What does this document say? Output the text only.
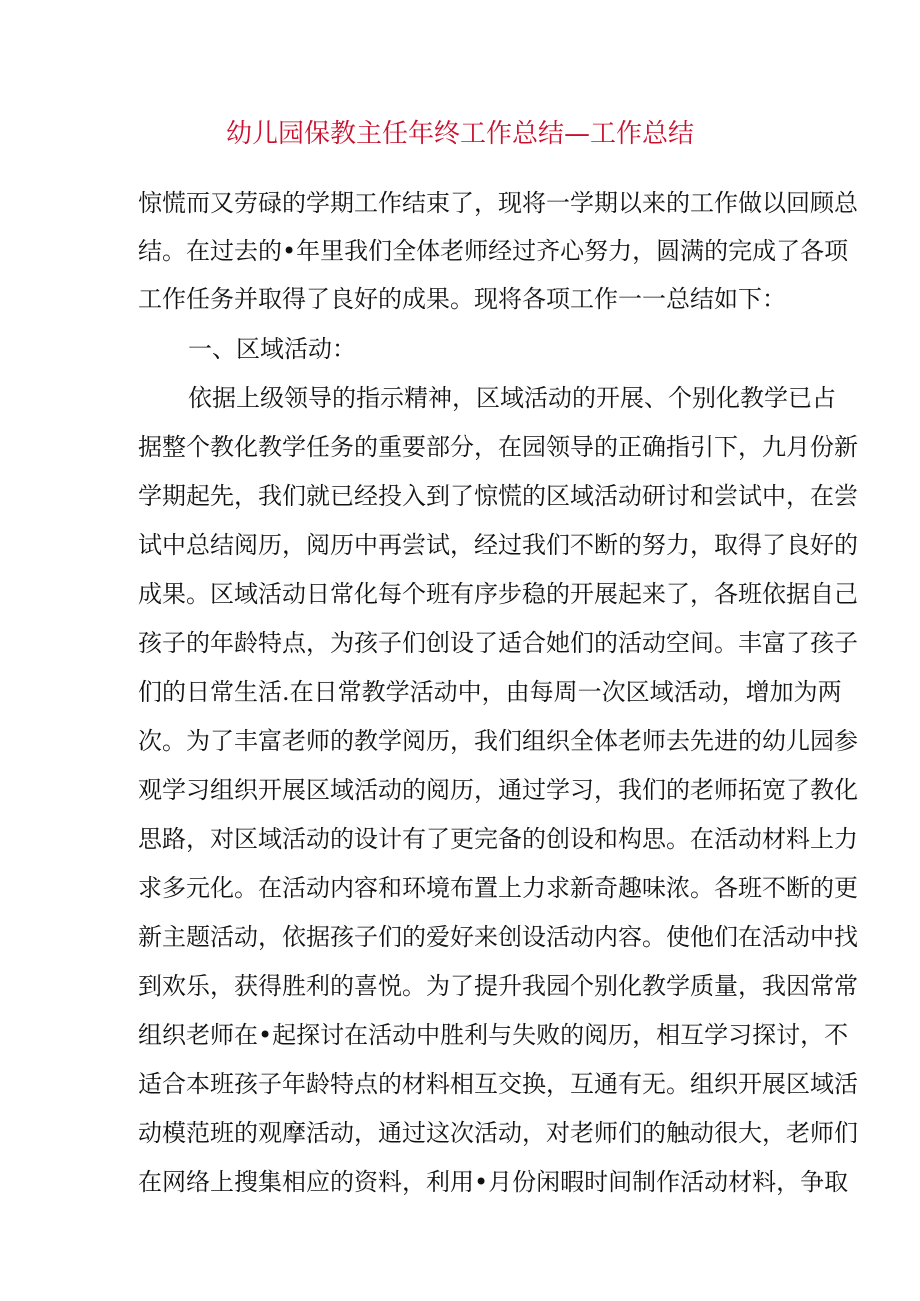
幼儿园保教主任年终工作总结—工作总结
惊慌而又劳碌的学期工作结束了，现将一学期以来的工作做以回顾总
结。在过去的•年里我们全体老师经过齐心努力，圆满的完成了各项
工作任务并取得了良好的成果。现将各项工作一一总结如下：
一、区域活动：
依据上级领导的指示精神，区域活动的开展、个别化教学已占
据整个教化教学任务的重要部分，在园领导的正确指引下，九月份新
学期起先，我们就已经投入到了惊慌的区域活动研讨和尝试中，在尝
试中总结阅历，阅历中再尝试，经过我们不断的努力，取得了良好的
成果。区域活动日常化每个班有序步稳的开展起来了，各班依据自己
孩子的年龄特点，为孩子们创设了适合她们的活动空间。丰富了孩子
们的日常生活.在日常教学活动中，由每周一次区域活动，增加为两
次。为了丰富老师的教学阅历，我们组织全体老师去先进的幼儿园参
观学习组织开展区域活动的阅历，通过学习，我们的老师拓宽了教化
思路，对区域活动的设计有了更完备的创设和构思。在活动材料上力
求多元化。在活动内容和环境布置上力求新奇趣味浓。各班不断的更
新主题活动，依据孩子们的爱好来创设活动内容。使他们在活动中找
到欢乐，获得胜利的喜悦。为了提升我园个别化教学质量，我因常常
组织老师在•起探讨在活动中胜利与失败的阅历，相互学习探讨，不
适合本班孩子年龄特点的材料相互交换，互通有无。组织开展区域活
动模范班的观摩活动，通过这次活动，对老师们的触动很大，老师们
在网络上搜集相应的资料，利用•月份闲暇时间制作活动材料，争取
